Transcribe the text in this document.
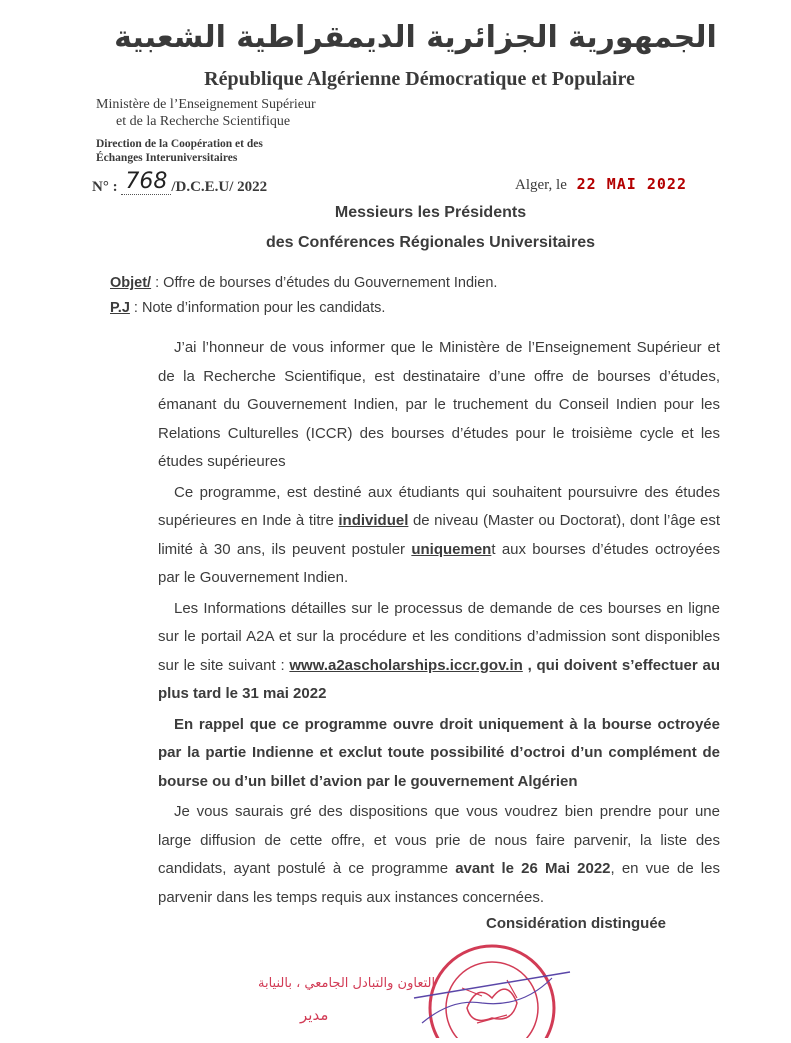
الجمهورية الجزائرية الديمقراطية الشعبية
République Algérienne Démocratique et Populaire
Ministère de l’Enseignement Supérieur
et de la Recherche Scientifique
Direction de la Coopération et des
Échanges Interuniversitaires
N° : 768 /D.C.E.U/ 2022	Alger, le 22 MAI 2022
Messieurs les Présidents
des Conférences Régionales Universitaires
Objet/ : Offre de bourses d’études du Gouvernement Indien.
P.J : Note d’information pour les candidats.

J’ai l’honneur de vous informer que le Ministère de l’Enseignement Supérieur et de la Recherche Scientifique, est destinataire d’une offre de bourses d’études, émanant du Gouvernement Indien, par le truchement du Conseil Indien pour les Relations Culturelles (ICCR) des bourses d’études pour le troisième cycle et les études supérieures

Ce programme, est destiné aux étudiants qui souhaitent poursuivre des études supérieures en Inde à titre individuel de niveau (Master ou Doctorat), dont l’âge est limité à 30 ans, ils peuvent postuler uniquement aux bourses d’études octroyées par le Gouvernement Indien.

Les Informations détailles sur le processus de demande de ces bourses en ligne sur le portail A2A et sur la procédure et les conditions d’admission sont disponibles sur le site suivant : www.a2ascholarships.iccr.gov.in , qui doivent s’effectuer au plus tard le 31 mai 2022

En rappel que ce programme ouvre droit uniquement à la bourse octroyée par la partie Indienne et exclut toute possibilité d’octroi d’un complément de bourse ou d’un billet d’avion par le gouvernement Algérien

Je vous saurais gré des dispositions que vous voudrez bien prendre pour une large diffusion de cette offre, et vous prie de nous faire parvenir, la liste des candidats, ayant postulé à ce programme avant le 26 Mai 2022, en vue de les parvenir dans les temps requis aux instances concernées.

Considération distinguée
التعاون والتبادل الجامعي ، بالنيابة
مدير
